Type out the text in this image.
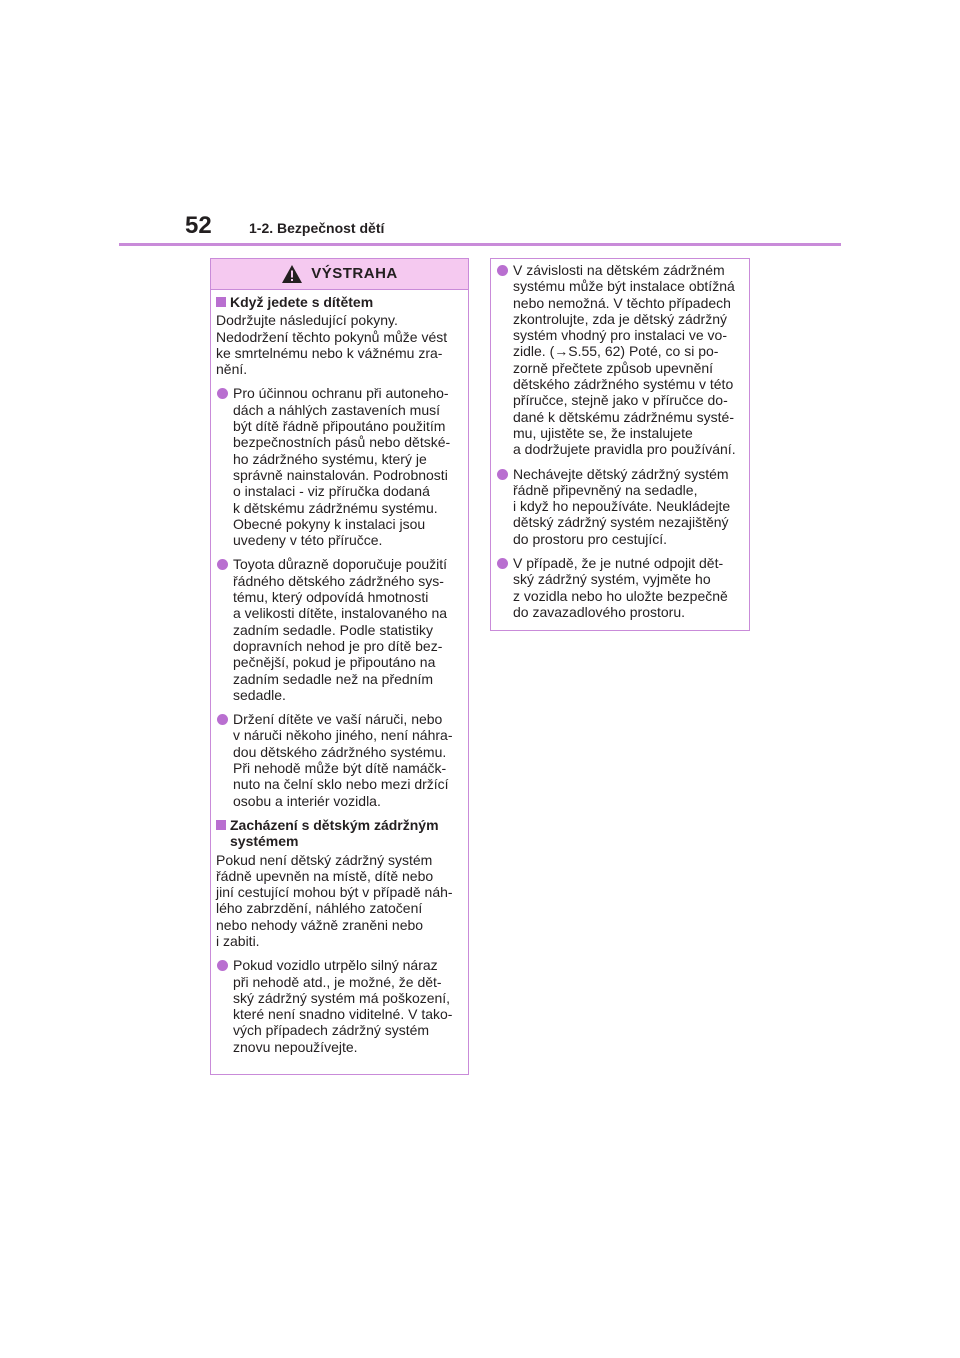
52	1-2. Bezpečnost dětí
VÝSTRAHA
Když jedete s dítětem
Dodržujte následující pokyny.
Nedodržení těchto pokynů může vést
ke smrtelnému nebo k vážnému zra-
nění.
Pro účinnou ochranu při autoneho-
dách a náhlých zastaveních musí
být dítě řádně připoutáno použitím
bezpečnostních pásů nebo dětské-
ho zádržného systému, který je
správně nainstalován. Podrobnosti
o instalaci - viz příručka dodaná
k dětskému zádržnému systému.
Obecné pokyny k instalaci jsou
uvedeny v této příručce.
Toyota důrazně doporučuje použití
řádného dětského zádržného sys-
tému, který odpovídá hmotnosti
a velikosti dítěte, instalovaného na
zadním sedadle. Podle statistiky
dopravních nehod je pro dítě bez-
pečnější, pokud je připoutáno na
zadním sedadle než na předním
sedadle.
Držení dítěte ve vaší náruči, nebo
v náruči někoho jiného, není náhra-
dou dětského zádržného systému.
Při nehodě může být dítě namáčk-
nuto na čelní sklo nebo mezi držící
osobu a interiér vozidla.
Zacházení s dětským zádržným
systémem
Pokud není dětský zádržný systém
řádně upevněn na místě, dítě nebo
jiní cestující mohou být v případě náh-
lého zabrzdění, náhlého zatočení
nebo nehody vážně zraněni nebo
i zabiti.
Pokud vozidlo utrpělo silný náraz
při nehodě atd., je možné, že dět-
ský zádržný systém má poškození,
které není snadno viditelné. V tako-
vých případech zádržný systém
znovu nepoužívejte.
V závislosti na dětském zádržném
systému může být instalace obtížná
nebo nemožná. V těchto případech
zkontrolujte, zda je dětský zádržný
systém vhodný pro instalaci ve vo-
zidle. (→S.55, 62) Poté, co si po-
zorně přečtete způsob upevnění
dětského zádržného systému v této
příručce, stejně jako v příručce do-
dané k dětskému zádržnému systé-
mu, ujistěte se, že instalujete
a dodržujete pravidla pro používání.
Nechávejte dětský zádržný systém
řádně připevněný na sedadle,
i když ho nepoužíváte. Neukládejte
dětský zádržný systém nezajištěný
do prostoru pro cestující.
V případě, že je nutné odpojit dět-
ský zádržný systém, vyjměte ho
z vozidla nebo ho uložte bezpečně
do zavazadlového prostoru.
